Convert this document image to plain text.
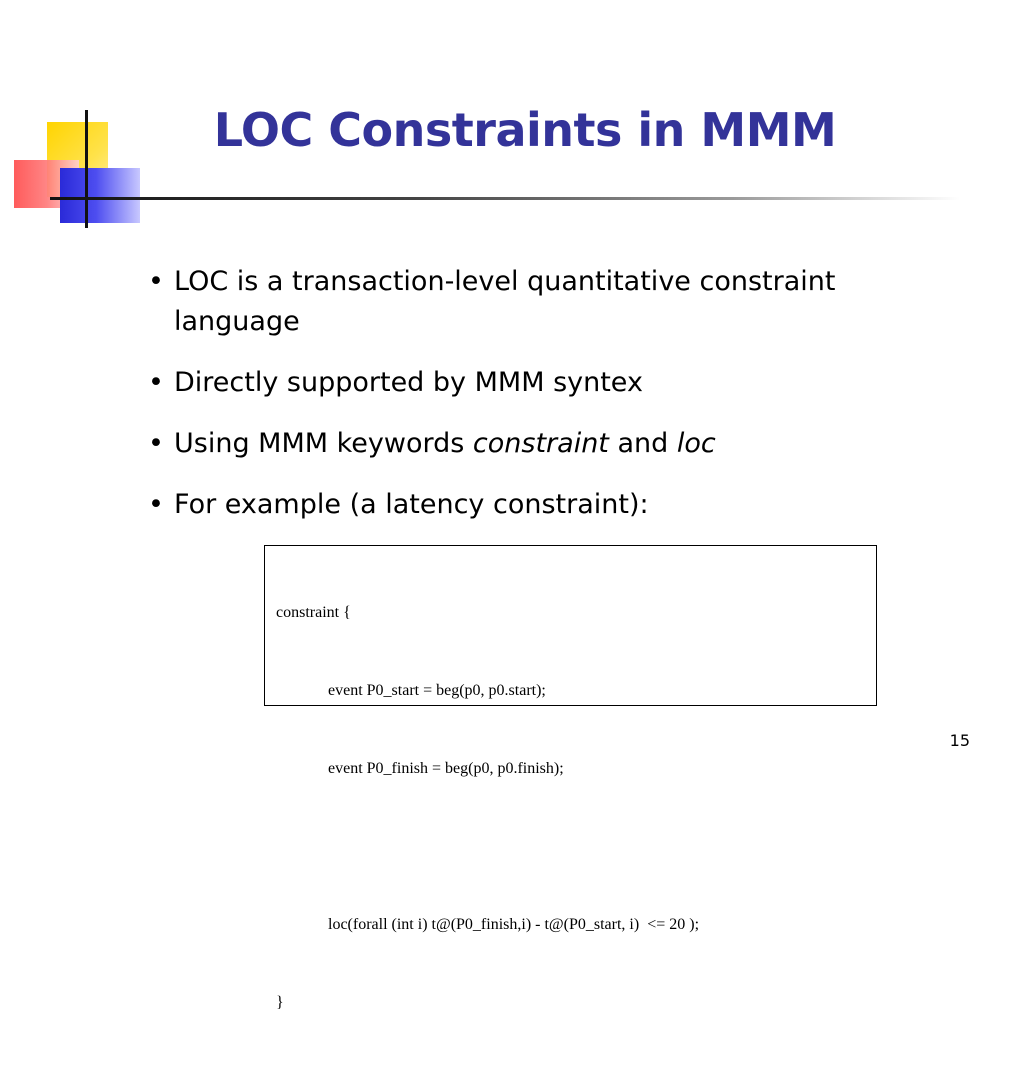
LOC Constraints in MMM
• LOC is a transaction-level quantitative constraint language
• Directly supported by MMM syntex
• Using MMM keywords constraint and loc
• For example (a latency constraint):

constraint {

event P0_start = beg(p0, p0.start);

event P0_finish = beg(p0, p0.finish);

loc(forall (int i) t@(P0_finish,i) - t@(P0_start, i)  <= 20 );

}

15
